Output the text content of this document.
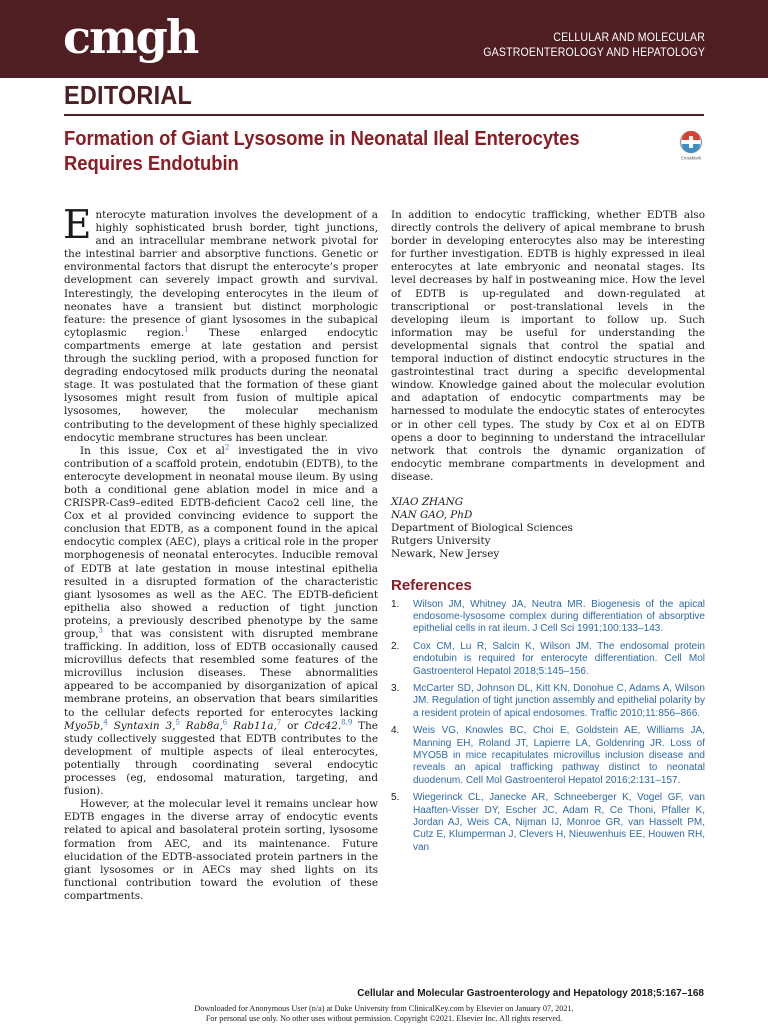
cmgh	CELLULAR AND MOLECULAR
GASTROENTEROLOGY AND HEPATOLOGY
EDITORIAL
Formation of Giant Lysosome in Neonatal Ileal Enterocytes Requires Endotubin	CrossMark

Enterocyte maturation involves the development of a highly sophisticated brush border, tight junctions, and an intracellular membrane network pivotal for the intestinal barrier and absorptive functions. Genetic or environmental factors that disrupt the enterocyte’s proper development can severely impact growth and survival. Interestingly, the developing enterocytes in the ileum of neonates have a transient but distinct morphologic feature: the presence of giant lysosomes in the subapical cytoplasmic region.$^1$ These enlarged endocytic compartments emerge at late gestation and persist through the suckling period, with a proposed function for degrading endocytosed milk products during the neonatal stage. It was postulated that the formation of these giant lysosomes might result from fusion of multiple apical lysosomes, however, the molecular mechanism contributing to the development of these highly specialized endocytic membrane structures has been unclear.

In this issue, Cox et al$^2$ investigated the in vivo contribution of a scaffold protein, endotubin (EDTB), to the enterocyte development in neonatal mouse ileum. By using both a conditional gene ablation model in mice and a CRISPR-Cas9–edited EDTB-deficient Caco2 cell line, the Cox et al provided convincing evidence to support the conclusion that EDTB, as a component found in the apical endocytic complex (AEC), plays a critical role in the proper morphogenesis of neonatal enterocytes. Inducible removal of EDTB at late gestation in mouse intestinal epithelia resulted in a disrupted formation of the characteristic giant lysosomes as well as the AEC. The EDTB-deficient epithelia also showed a reduction of tight junction proteins, a previously described phenotype by the same group,$^3$ that was consistent with disrupted membrane trafficking. In addition, loss of EDTB occasionally caused microvillus defects that resembled some features of the microvillus inclusion diseases. These abnormalities appeared to be accompanied by disorganization of apical membrane proteins, an observation that bears similarities to the cellular defects reported for enterocytes lacking Myo5b,$^4$ Syntaxin 3,$^5$ Rab8a,$^6$ Rab11a,$^7$ or Cdc42.$^{8,9}$ The study collectively suggested that EDTB contributes to the development of multiple aspects of ileal enterocytes, potentially through coordinating several endocytic processes (eg, endosomal maturation, targeting, and fusion).

However, at the molecular level it remains unclear how EDTB engages in the diverse array of endocytic events related to apical and basolateral protein sorting, lysosome formation from AEC, and its maintenance. Future elucidation of the EDTB-associated protein partners in the giant lysosomes or in AECs may shed lights on its functional contribution toward the evolution of these compartments.

In addition to endocytic trafficking, whether EDTB also directly controls the delivery of apical membrane to brush border in developing enterocytes also may be interesting for further investigation. EDTB is highly expressed in ileal enterocytes at late embryonic and neonatal stages. Its level decreases by half in postweaning mice. How the level of EDTB is up-regulated and down-regulated at transcriptional or post-translational levels in the developing ileum is important to follow up. Such information may be useful for understanding the developmental signals that control the spatial and temporal induction of distinct endocytic structures in the gastrointestinal tract during a specific developmental window. Knowledge gained about the molecular evolution and adaptation of endocytic compartments may be harnessed to modulate the endocytic states of enterocytes or in other cell types. The study by Cox et al on EDTB opens a door to beginning to understand the intracellular network that controls the dynamic organization of endocytic membrane compartments in development and disease.

XIAO ZHANG
NAN GAO, PhD
Department of Biological Sciences
Rutgers University
Newark, New Jersey
References
1. Wilson JM, Whitney JA, Neutra MR. Biogenesis of the apical endosome-lysosome complex during differentiation of absorptive epithelial cells in rat ileum. J Cell Sci 1991;100:133–143.
2. Cox CM, Lu R, Salcin K, Wilson JM. The endosomal protein endotubin is required for enterocyte differentiation. Cell Mol Gastroenterol Hepatol 2018;5:145–156.
3. McCarter SD, Johnson DL, Kitt KN, Donohue C, Adams A, Wilson JM. Regulation of tight junction assembly and epithelial polarity by a resident protein of apical endosomes. Traffic 2010;11:856–866.
4. Weis VG, Knowles BC, Choi E, Goldstein AE, Williams JA, Manning EH, Roland JT, Lapierre LA, Goldenring JR. Loss of MYO5B in mice recapitulates microvillus inclusion disease and reveals an apical trafficking pathway distinct to neonatal duodenum. Cell Mol Gastroenterol Hepatol 2016;2:131–157.
5. Wiegerinck CL, Janecke AR, Schneeberger K, Vogel GF, van Haaften-Visser DY, Escher JC, Adam R, Ce Thoni, Pfaller K, Jordan AJ, Weis CA, Nijman IJ, Monroe GR, van Hasselt PM, Cutz E, Klumperman J, Clevers H, Nieuwenhuis EE, Houwen RH, van
Cellular and Molecular Gastroenterology and Hepatology 2018;5:167–168
Downloaded for Anonymous User (n/a) at Duke University from ClinicalKey.com by Elsevier on January 07, 2021.
For personal use only. No other uses without permission. Copyright ©2021. Elsevier Inc. All rights reserved.
